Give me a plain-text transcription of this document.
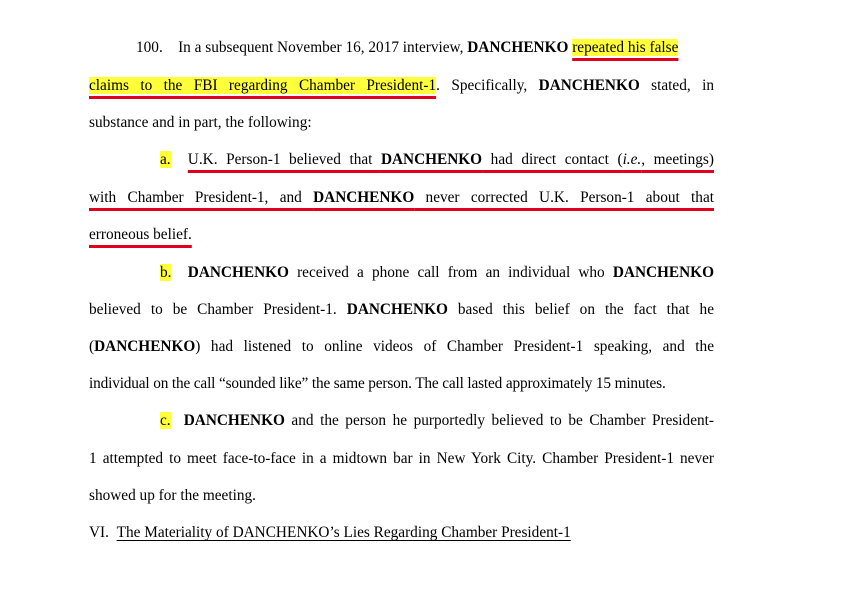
100. In a subsequent November 16, 2017 interview, DANCHENKO repeated his false
claims to the FBI regarding Chamber President-1. Specifically, DANCHENKO stated, in
substance and in part, the following:
a. U.K. Person-1 believed that DANCHENKO had direct contact (i.e., meetings)
with Chamber President-1, and DANCHENKO never corrected U.K. Person-1 about that
erroneous belief.
b. DANCHENKO received a phone call from an individual who DANCHENKO
believed to be Chamber President-1. DANCHENKO based this belief on the fact that he
(DANCHENKO) had listened to online videos of Chamber President-1 speaking, and the
individual on the call “sounded like” the same person. The call lasted approximately 15 minutes.
c. DANCHENKO and the person he purportedly believed to be Chamber President-
1 attempted to meet face-to-face in a midtown bar in New York City. Chamber President-1 never
showed up for the meeting.
VI. The Materiality of DANCHENKO’s Lies Regarding Chamber President-1
